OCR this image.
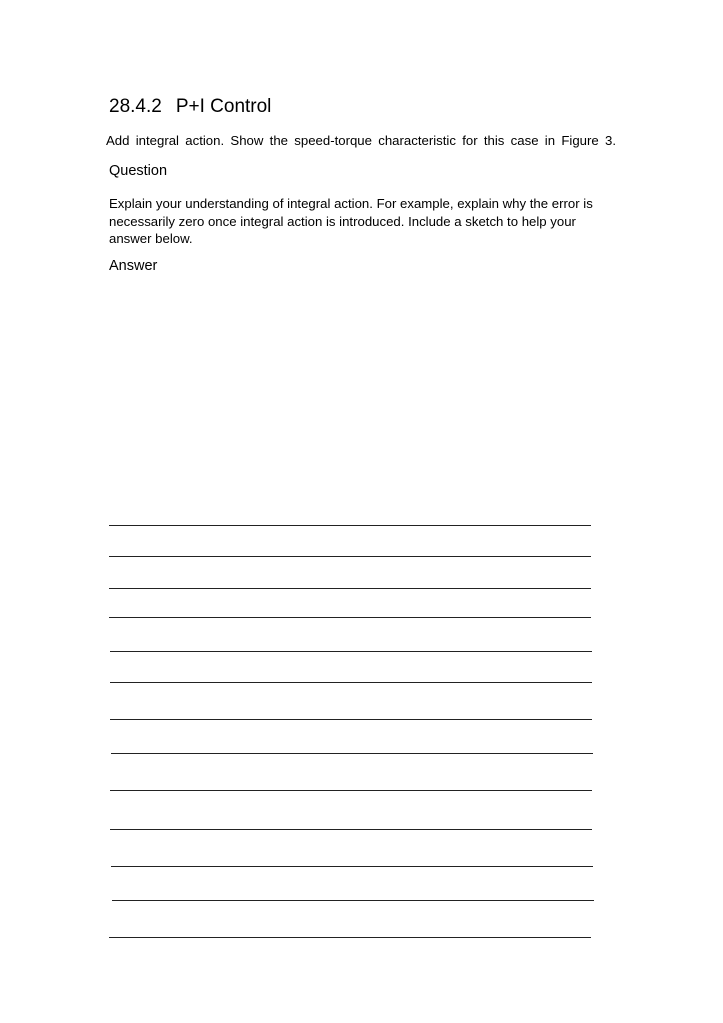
28.4.2 P+I Control
Add integral action. Show the speed-torque characteristic for this case in Figure 3.
Question
Explain your understanding of integral action. For example, explain why the error is necessarily zero once integral action is introduced. Include a sketch to help your answer below.
Answer
